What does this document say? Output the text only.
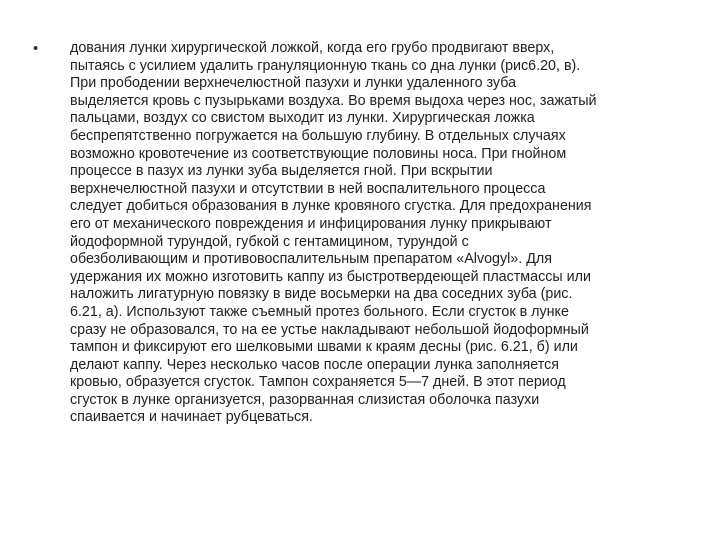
• дования лунки хирургической ложкой, когда его грубо продвигают вверх,
пытаясь с усилием удалить грануляционную ткань со дна лунки (рис6.20, в).
При прободении верхнечелюстной пазухи и лунки удаленного зуба
выделяется кровь с пузырьками воздуха. Во время выдоха через нос, зажатый
пальцами, воздух со свистом выходит из лунки. Хирургическая ложка
беспрепятственно погружается на большую глубину. В отдельных случаях
возможно кровотечение из соответствующие половины носа. При гнойном
процессе в пазух из лунки зуба выделяется гной. При вскрытии
верхнечелюстной пазухи и отсутствии в ней воспалительного процесса
следует добиться образования в лунке кровяного сгустка. Для предохранения
его от механического повреждения и инфицирования лунку прикрывают
йодоформной турундой, губкой с гентамицином, турундой с
обезболивающим и противовоспалительным препаратом «Alvogyl». Для
удержания их можно изготовить каппу из быстротвердеющей пластмассы или
наложить лигатурную повязку в виде восьмерки на два соседних зуба (рис.
6.21, а). Используют также съемный протез больного. Если сгусток в лунке
сразу не образовался, то на ее устье накладывают небольшой йодоформный
тампон и фиксируют его шелковыми швами к краям десны (рис. 6.21, б) или
делают каппу. Через несколько часов после операции лунка заполняется
кровью, образуется сгусток. Тампон сохраняется 5—7 дней. В этот период
сгусток в лунке организуется, разорванная слизистая оболочка пазухи
спаивается и начинает рубцеваться.
